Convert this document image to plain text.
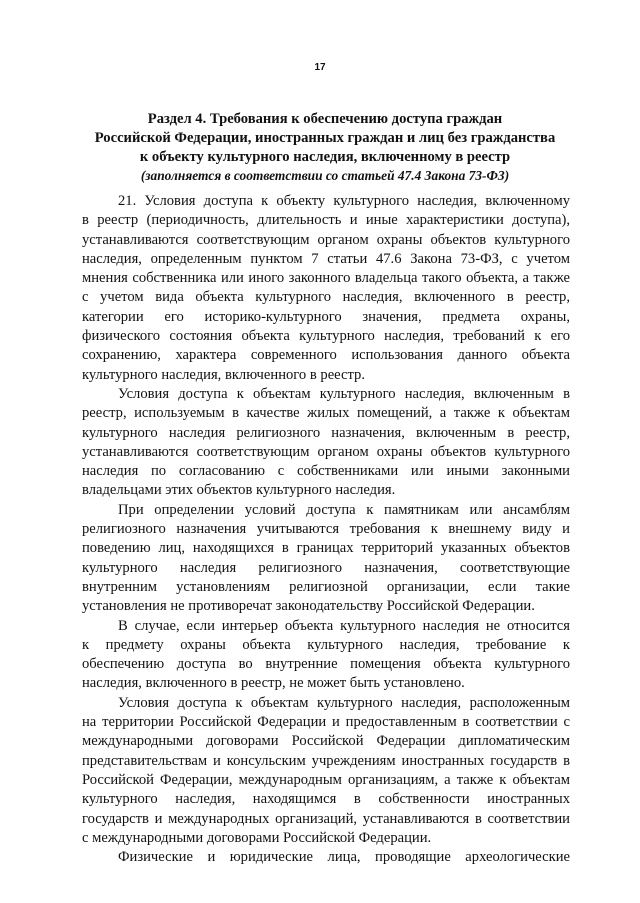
17
Раздел 4. Требования к обеспечению доступа граждан
Российской Федерации, иностранных граждан и лиц без гражданства
к объекту культурного наследия, включенному в реестр
(заполняется в соответствии со статьей 47.4 Закона 73-ФЗ)
21. Условия доступа к объекту культурного наследия, включенному
в реестр (периодичность, длительность и иные характеристики доступа),
устанавливаются соответствующим органом охраны объектов культурного
наследия, определенным пунктом 7 статьи 47.6 Закона 73-ФЗ, с учетом
мнения собственника или иного законного владельца такого объекта, а также
с учетом вида объекта культурного наследия, включенного в реестр,
категории его историко-культурного значения, предмета охраны,
физического состояния объекта культурного наследия, требований к его
сохранению, характера современного использования данного объекта
культурного наследия, включенного в реестр.
Условия доступа к объектам культурного наследия, включенным в
реестр, используемым в качестве жилых помещений, а также к объектам
культурного наследия религиозного назначения, включенным в реестр,
устанавливаются соответствующим органом охраны объектов культурного
наследия по согласованию с собственниками или иными законными
владельцами этих объектов культурного наследия.
При определении условий доступа к памятникам или ансамблям
религиозного назначения учитываются требования к внешнему виду и
поведению лиц, находящихся в границах территорий указанных объектов
культурного наследия религиозного назначения, соответствующие
внутренним установлениям религиозной организации, если такие
установления не противоречат законодательству Российской Федерации.
В случае, если интерьер объекта культурного наследия не относится
к предмету охраны объекта культурного наследия, требование к
обеспечению доступа во внутренние помещения объекта культурного
наследия, включенного в реестр, не может быть установлено.
Условия доступа к объектам культурного наследия, расположенным
на территории Российской Федерации и предоставленным в соответствии с
международными договорами Российской Федерации дипломатическим
представительствам и консульским учреждениям иностранных государств в
Российской Федерации, международным организациям, а также к объектам
культурного наследия, находящимся в собственности иностранных
государств и международных организаций, устанавливаются в соответствии
с международными договорами Российской Федерации.
Физические и юридические лица, проводящие археологические
